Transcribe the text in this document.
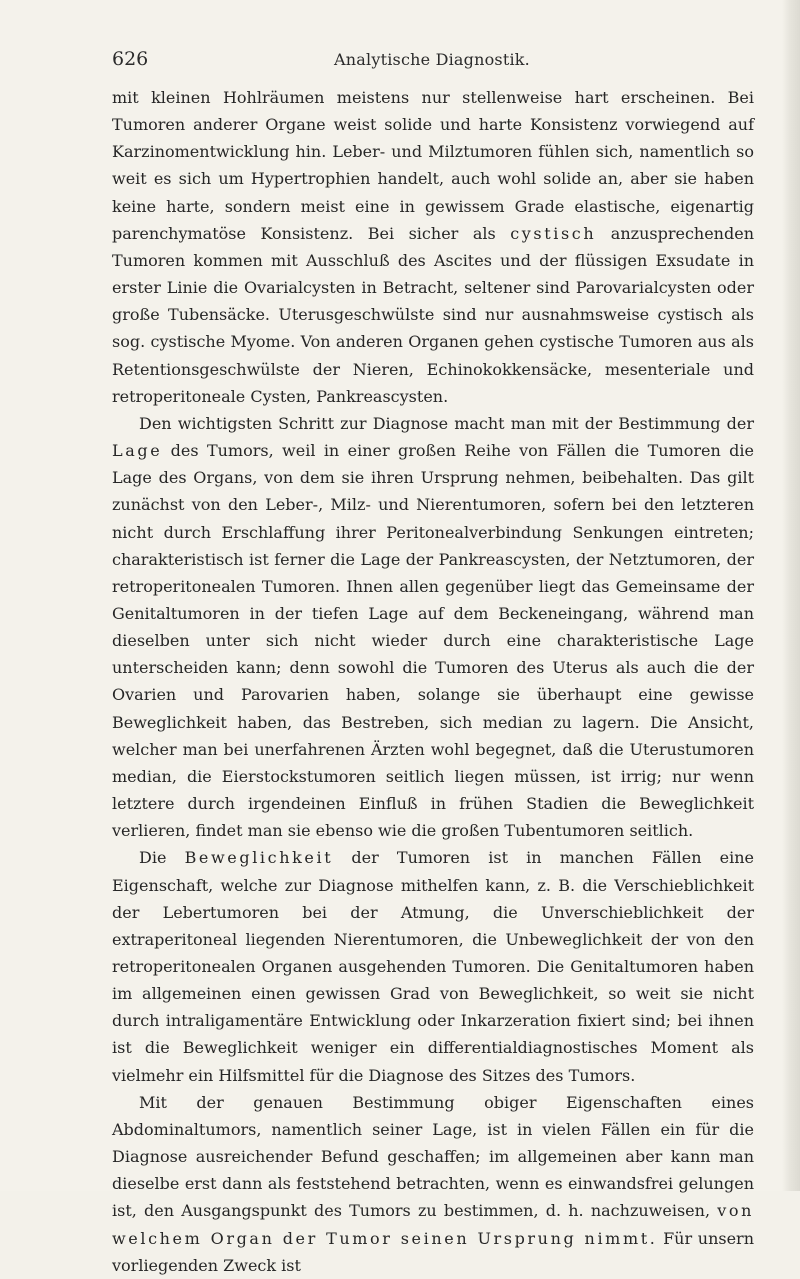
626	Analytische Diagnostik.

mit kleinen Hohlräumen meistens nur stellenweise hart erscheinen. Bei Tumoren anderer Organe weist solide und harte Konsistenz vorwiegend auf Karzinomentwicklung hin. Leber- und Milztumoren fühlen sich, namentlich so weit es sich um Hypertrophien handelt, auch wohl solide an, aber sie haben keine harte, sondern meist eine in gewissem Grade elastische, eigenartig parenchymatöse Konsistenz. Bei sicher als cystisch anzusprechenden Tumoren kommen mit Ausschluß des Ascites und der flüssigen Exsudate in erster Linie die Ovarialcysten in Betracht, seltener sind Parovarialcysten oder große Tubensäcke. Uterusgeschwülste sind nur ausnahmsweise cystisch als sog. cystische Myome. Von anderen Organen gehen cystische Tumoren aus als Retentionsgeschwülste der Nieren, Echinokokkensäcke, mesenteriale und retroperitoneale Cysten, Pankreascysten.

Den wichtigsten Schritt zur Diagnose macht man mit der Bestimmung der Lage des Tumors, weil in einer großen Reihe von Fällen die Tumoren die Lage des Organs, von dem sie ihren Ursprung nehmen, beibehalten. Das gilt zunächst von den Leber-, Milz- und Nierentumoren, sofern bei den letzteren nicht durch Erschlaffung ihrer Peritonealverbindung Senkungen eintreten; charakteristisch ist ferner die Lage der Pankreascysten, der Netztumoren, der retroperitonealen Tumoren. Ihnen allen gegenüber liegt das Gemeinsame der Genitaltumoren in der tiefen Lage auf dem Beckeneingang, während man dieselben unter sich nicht wieder durch eine charakteristische Lage unterscheiden kann; denn sowohl die Tumoren des Uterus als auch die der Ovarien und Parovarien haben, solange sie überhaupt eine gewisse Beweglichkeit haben, das Bestreben, sich median zu lagern. Die Ansicht, welcher man bei unerfahrenen Ärzten wohl begegnet, daß die Uterustumoren median, die Eierstockstumoren seitlich liegen müssen, ist irrig; nur wenn letztere durch irgendeinen Einfluß in frühen Stadien die Beweglichkeit verlieren, findet man sie ebenso wie die großen Tubentumoren seitlich.

Die Beweglichkeit der Tumoren ist in manchen Fällen eine Eigenschaft, welche zur Diagnose mithelfen kann, z. B. die Verschieblichkeit der Lebertumoren bei der Atmung, die Unverschieblichkeit der extraperitoneal liegenden Nierentumoren, die Unbeweglichkeit der von den retroperitonealen Organen ausgehenden Tumoren. Die Genitaltumoren haben im allgemeinen einen gewissen Grad von Beweglichkeit, so weit sie nicht durch intraligamentäre Entwicklung oder Inkarzeration fixiert sind; bei ihnen ist die Beweglichkeit weniger ein differentialdiagnostisches Moment als vielmehr ein Hilfsmittel für die Diagnose des Sitzes des Tumors.

Mit der genauen Bestimmung obiger Eigenschaften eines Abdominaltumors, namentlich seiner Lage, ist in vielen Fällen ein für die Diagnose ausreichender Befund geschaffen; im allgemeinen aber kann man dieselbe erst dann als feststehend betrachten, wenn es einwandsfrei gelungen ist, den Ausgangspunkt des Tumors zu bestimmen, d. h. nachzuweisen, von welchem Organ der Tumor seinen Ursprung nimmt. Für unsern vorliegenden Zweck ist
